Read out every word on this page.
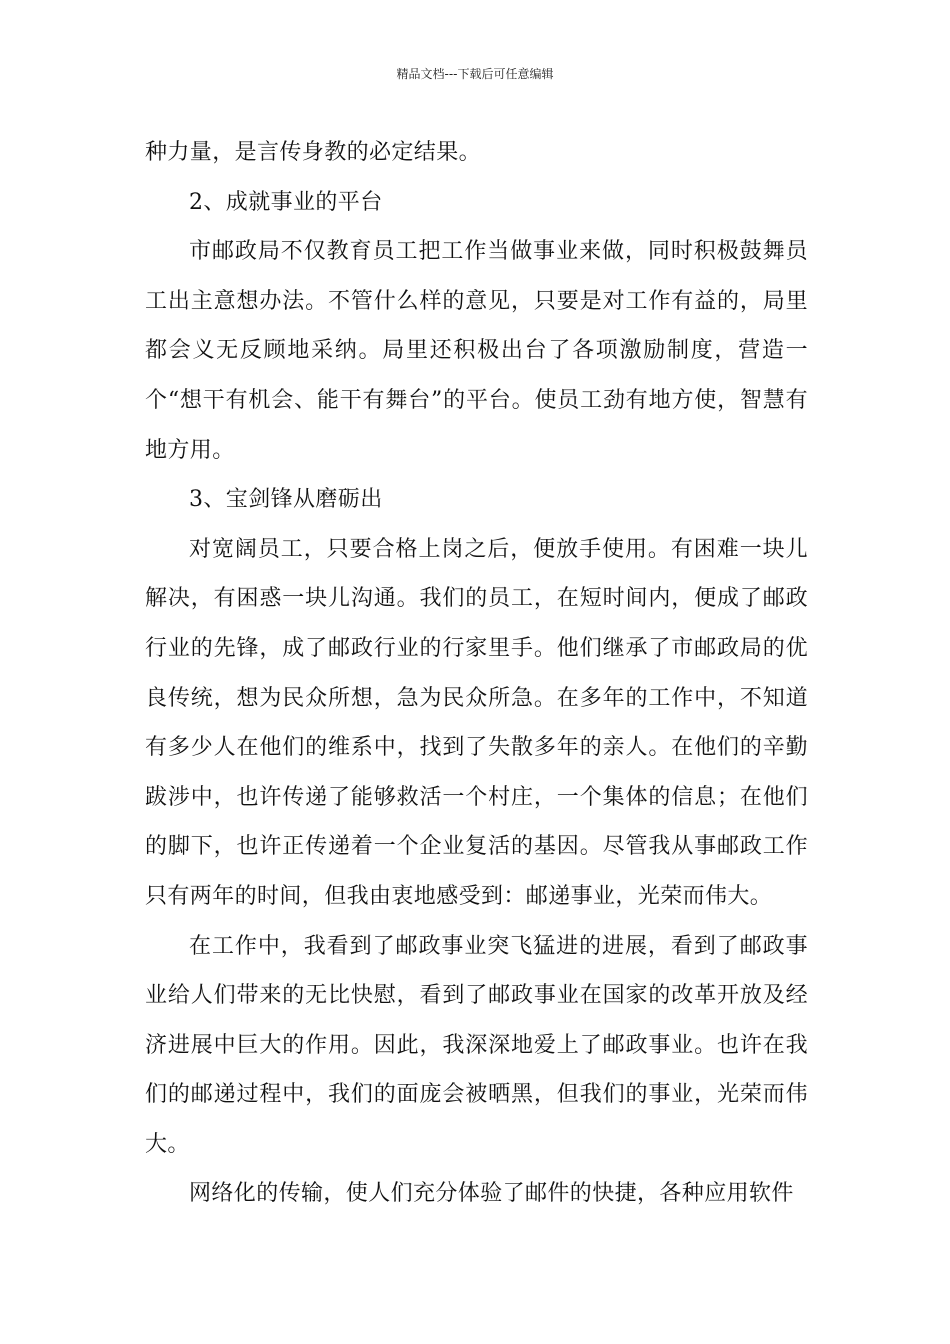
精品文档---下载后可任意编辑

种力量，是言传身教的必定结果。

2、成就事业的平台

市邮政局不仅教育员工把工作当做事业来做，同时积极鼓舞员工出主意想办法。不管什么样的意见，只要是对工作有益的，局里都会义无反顾地采纳。局里还积极出台了各项激励制度，营造一个“想干有机会、能干有舞台”的平台。使员工劲有地方使，智慧有地方用。

3、宝剑锋从磨砺出

对宽阔员工，只要合格上岗之后，便放手使用。有困难一块儿解决，有困惑一块儿沟通。我们的员工，在短时间内，便成了邮政行业的先锋，成了邮政行业的行家里手。他们继承了市邮政局的优良传统，想为民众所想，急为民众所急。在多年的工作中，不知道有多少人在他们的维系中，找到了失散多年的亲人。在他们的辛勤跋涉中，也许传递了能够救活一个村庄，一个集体的信息；在他们的脚下，也许正传递着一个企业复活的基因。尽管我从事邮政工作只有两年的时间，但我由衷地感受到：邮递事业，光荣而伟大。

在工作中，我看到了邮政事业突飞猛进的进展，看到了邮政事业给人们带来的无比快慰，看到了邮政事业在国家的改革开放及经济进展中巨大的作用。因此，我深深地爱上了邮政事业。也许在我们的邮递过程中，我们的面庞会被晒黑，但我们的事业，光荣而伟大。

网络化的传输，使人们充分体验了邮件的快捷，各种应用软件
